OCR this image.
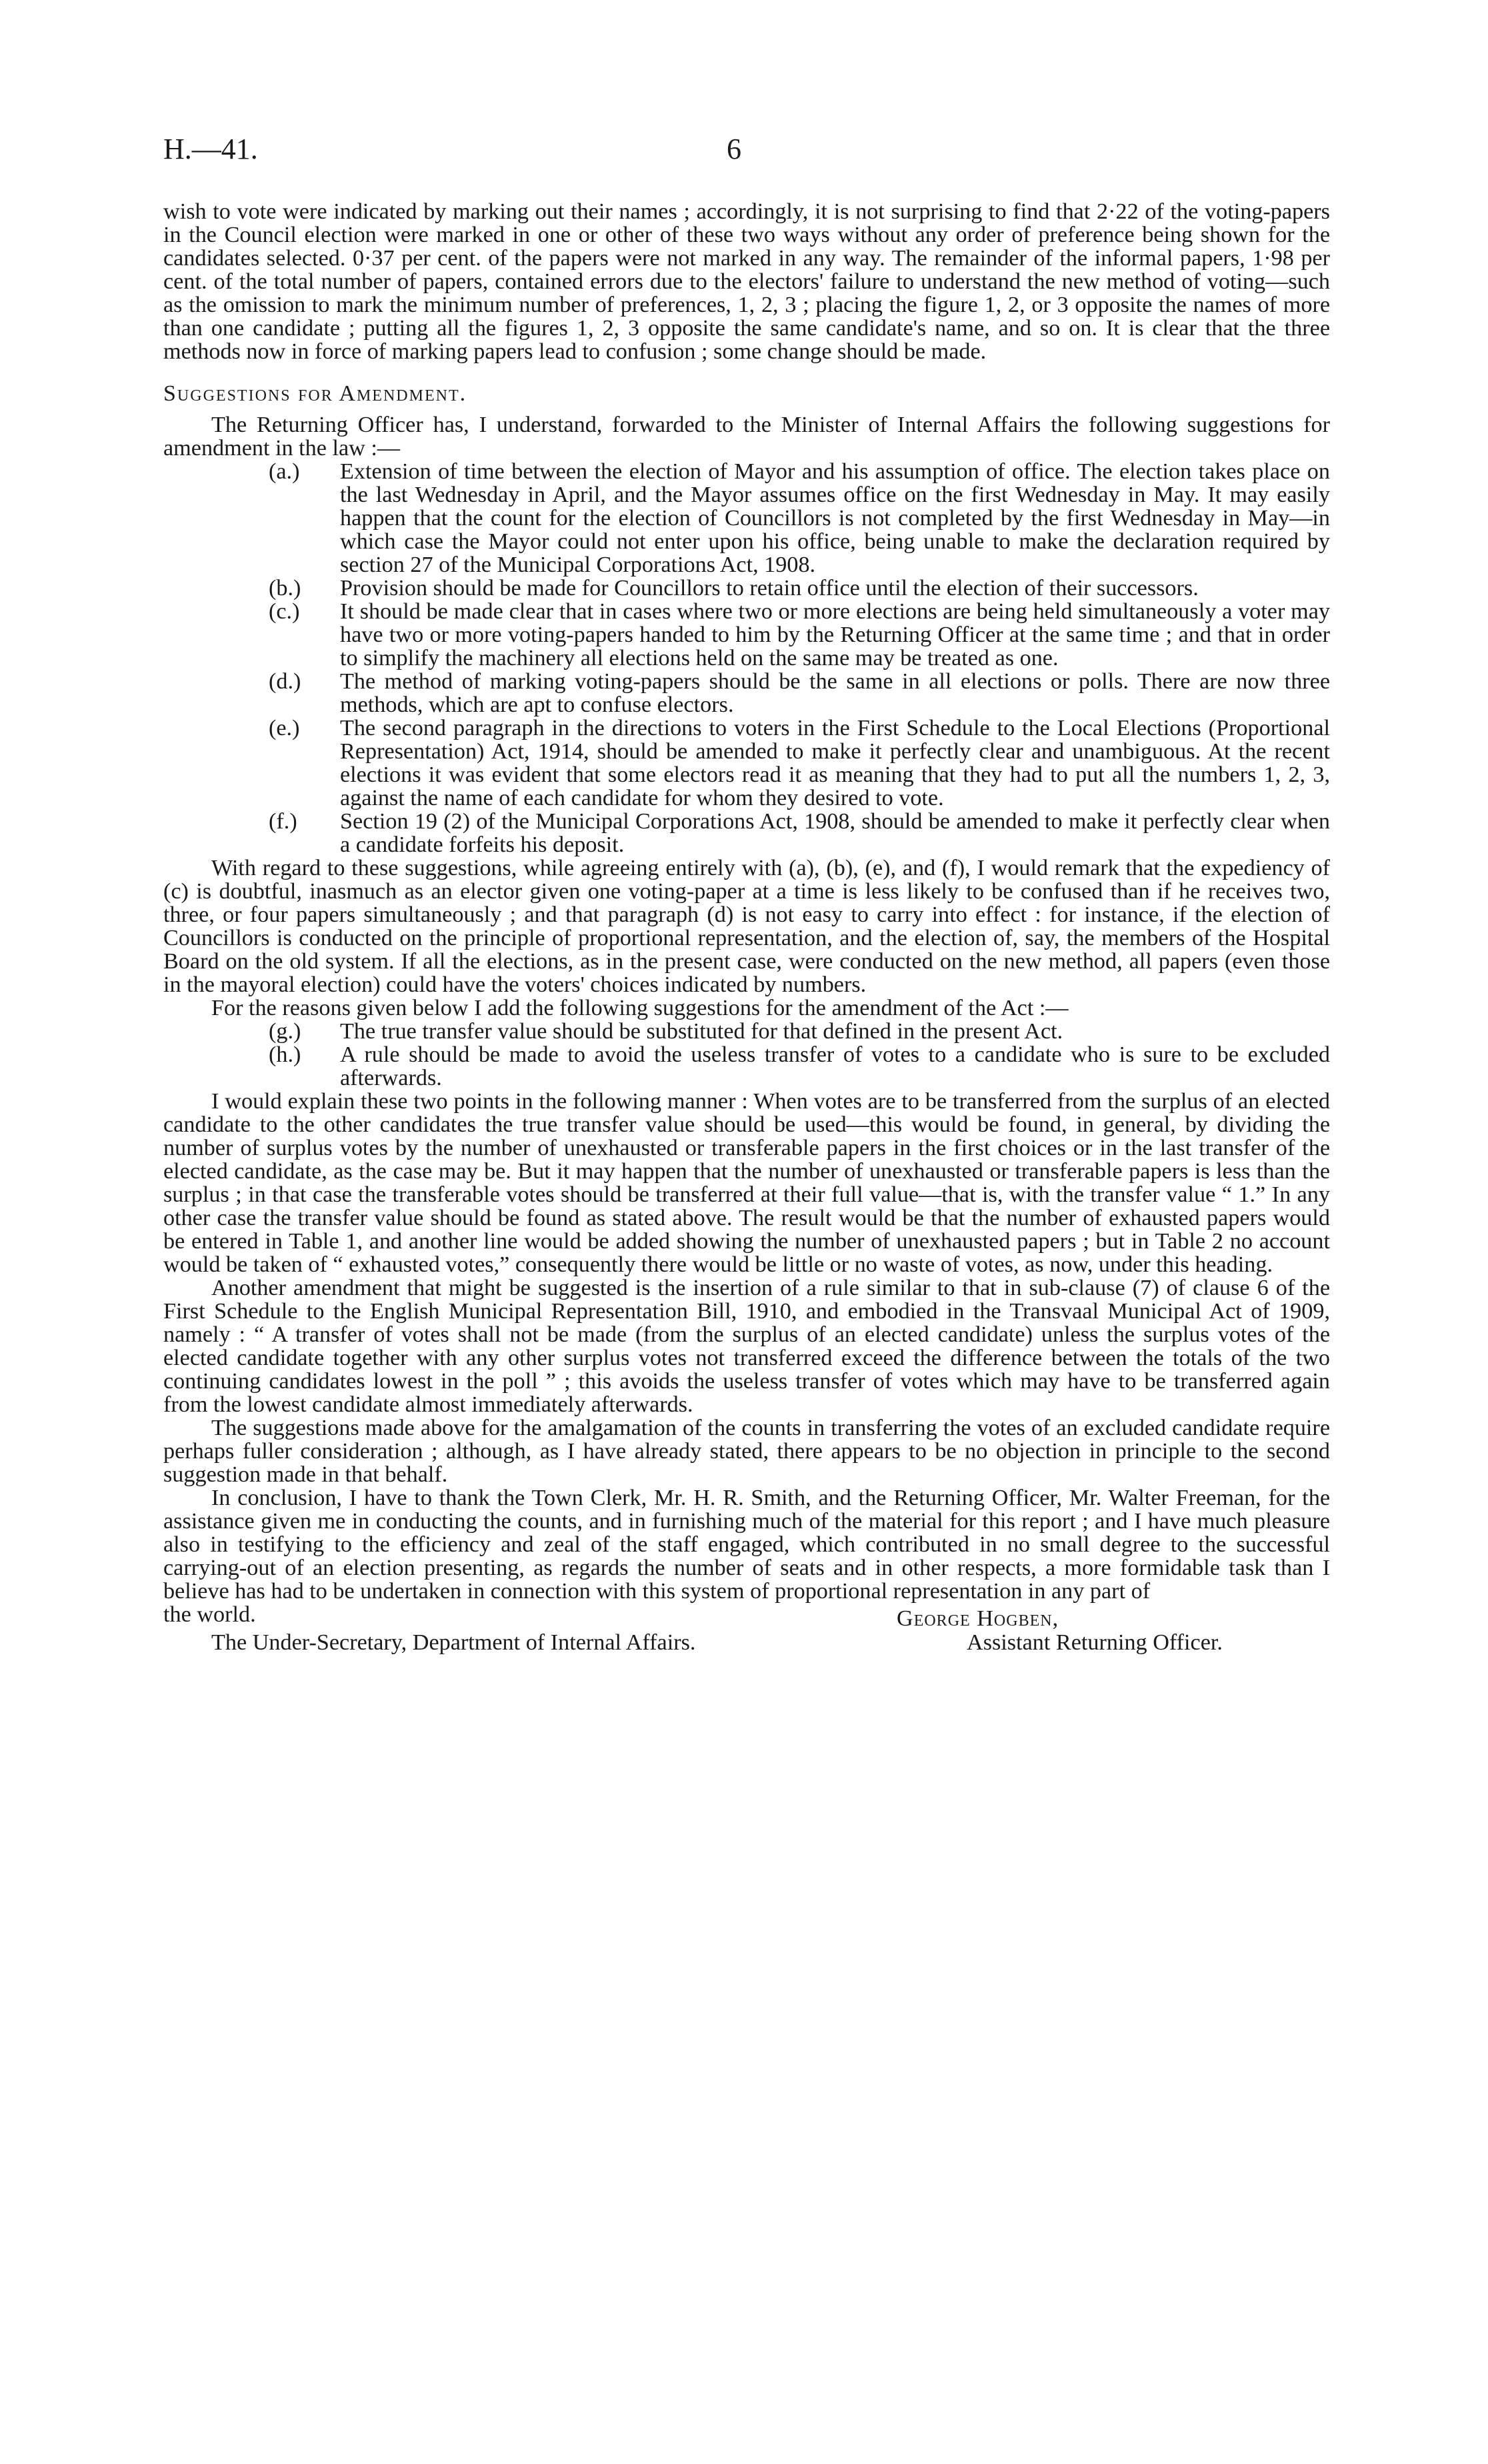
H.—41.	6

wish to vote were indicated by marking out their names ; accordingly, it is not surprising to find that 2·22 of the voting-papers in the Council election were marked in one or other of these two ways without any order of preference being shown for the candidates selected. 0·37 per cent. of the papers were not marked in any way. The remainder of the informal papers, 1·98 per cent. of the total number of papers, contained errors due to the electors' failure to understand the new method of voting—such as the omission to mark the minimum number of preferences, 1, 2, 3 ; placing the figure 1, 2, or 3 opposite the names of more than one candidate ; putting all the figures 1, 2, 3 opposite the same candidate's name, and so on. It is clear that the three methods now in force of marking papers lead to confusion ; some change should be made.

Suggestions for Amendment.

The Returning Officer has, I understand, forwarded to the Minister of Internal Affairs the following suggestions for amendment in the law :—

(a.) Extension of time between the election of Mayor and his assumption of office. The election takes place on the last Wednesday in April, and the Mayor assumes office on the first Wednesday in May. It may easily happen that the count for the election of Councillors is not completed by the first Wednesday in May—in which case the Mayor could not enter upon his office, being unable to make the declaration required by section 27 of the Municipal Corporations Act, 1908.
(b.) Provision should be made for Councillors to retain office until the election of their successors.
(c.) It should be made clear that in cases where two or more elections are being held simultaneously a voter may have two or more voting-papers handed to him by the Returning Officer at the same time ; and that in order to simplify the machinery all elections held on the same may be treated as one.
(d.) The method of marking voting-papers should be the same in all elections or polls. There are now three methods, which are apt to confuse electors.
(e.) The second paragraph in the directions to voters in the First Schedule to the Local Elections (Proportional Representation) Act, 1914, should be amended to make it perfectly clear and unambiguous. At the recent elections it was evident that some electors read it as meaning that they had to put all the numbers 1, 2, 3, against the name of each candidate for whom they desired to vote.
(f.) Section 19 (2) of the Municipal Corporations Act, 1908, should be amended to make it perfectly clear when a candidate forfeits his deposit.

With regard to these suggestions, while agreeing entirely with (a), (b), (e), and (f), I would remark that the expediency of (c) is doubtful, inasmuch as an elector given one voting-paper at a time is less likely to be confused than if he receives two, three, or four papers simultaneously ; and that paragraph (d) is not easy to carry into effect : for instance, if the election of Councillors is conducted on the principle of proportional representation, and the election of, say, the members of the Hospital Board on the old system. If all the elections, as in the present case, were conducted on the new method, all papers (even those in the mayoral election) could have the voters' choices indicated by numbers.

For the reasons given below I add the following suggestions for the amendment of the Act :—

(g.) The true transfer value should be substituted for that defined in the present Act.
(h.) A rule should be made to avoid the useless transfer of votes to a candidate who is sure to be excluded afterwards.

I would explain these two points in the following manner : When votes are to be transferred from the surplus of an elected candidate to the other candidates the true transfer value should be used—this would be found, in general, by dividing the number of surplus votes by the number of unexhausted or transferable papers in the first choices or in the last transfer of the elected candidate, as the case may be. But it may happen that the number of unexhausted or transferable papers is less than the surplus ; in that case the transferable votes should be transferred at their full value—that is, with the transfer value “ 1.” In any other case the transfer value should be found as stated above. The result would be that the number of exhausted papers would be entered in Table 1, and another line would be added showing the number of unexhausted papers ; but in Table 2 no account would be taken of “ exhausted votes,” consequently there would be little or no waste of votes, as now, under this heading.

Another amendment that might be suggested is the insertion of a rule similar to that in sub-clause (7) of clause 6 of the First Schedule to the English Municipal Representation Bill, 1910, and embodied in the Transvaal Municipal Act of 1909, namely : “ A transfer of votes shall not be made (from the surplus of an elected candidate) unless the surplus votes of the elected candidate together with any other surplus votes not transferred exceed the difference between the totals of the two continuing candidates lowest in the poll ” ; this avoids the useless transfer of votes which may have to be transferred again from the lowest candidate almost immediately afterwards.

The suggestions made above for the amalgamation of the counts in transferring the votes of an excluded candidate require perhaps fuller consideration ; although, as I have already stated, there appears to be no objection in principle to the second suggestion made in that behalf.

In conclusion, I have to thank the Town Clerk, Mr. H. R. Smith, and the Returning Officer, Mr. Walter Freeman, for the assistance given me in conducting the counts, and in furnishing much of the material for this report ; and I have much pleasure also in testifying to the efficiency and zeal of the staff engaged, which contributed in no small degree to the successful carrying-out of an election presenting, as regards the number of seats and in other respects, a more formidable task than I believe has had to be undertaken in connection with this system of proportional representation in any part of

the world.	George Hogben,
The Under-Secretary, Department of Internal Affairs.	Assistant Returning Officer.
